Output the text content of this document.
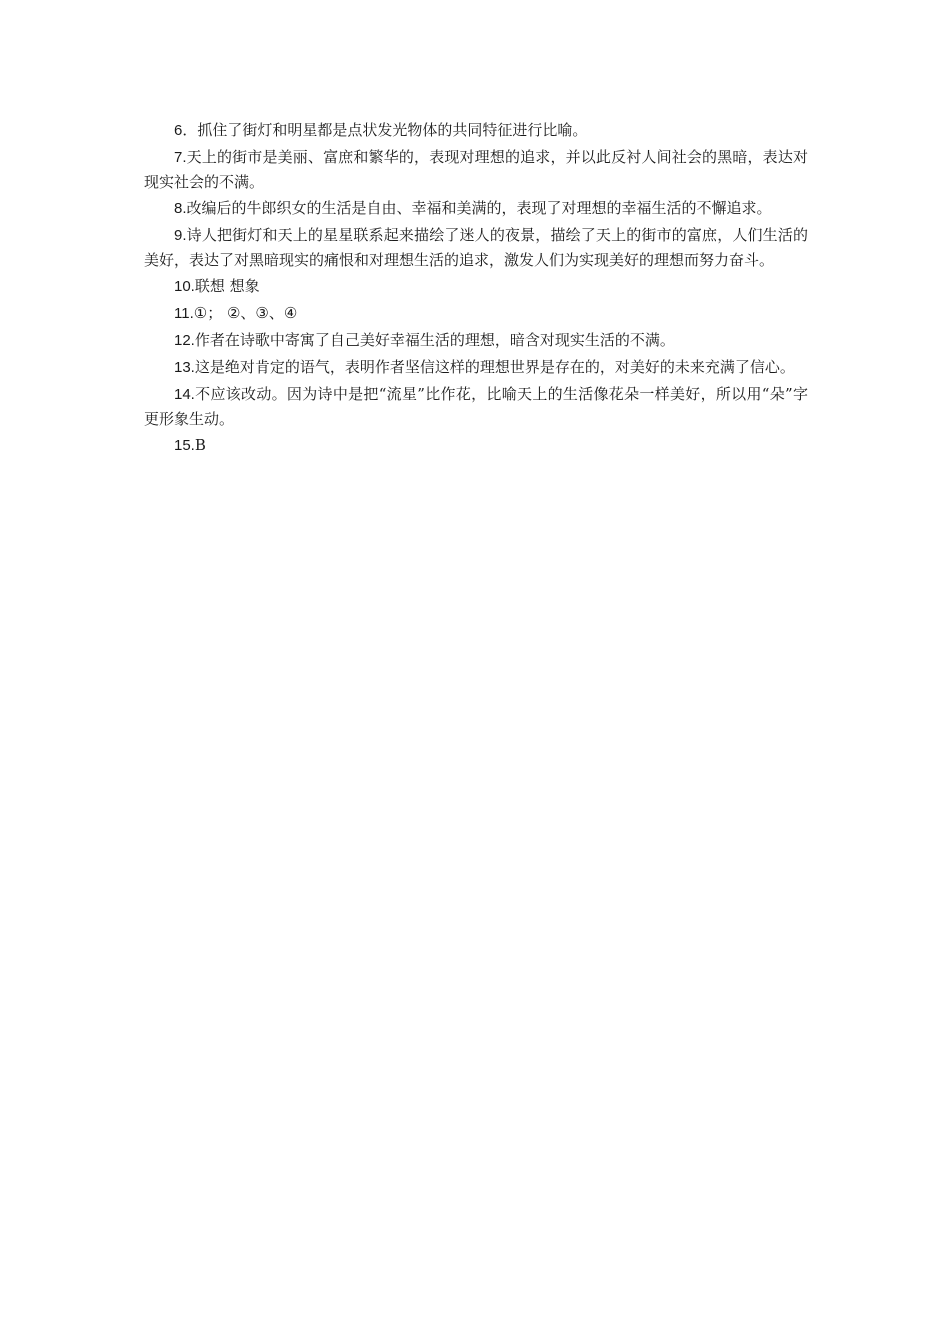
6．抓住了街灯和明星都是点状发光物体的共同特征进行比喻。

7.天上的街市是美丽、富庶和繁华的，表现对理想的追求，并以此反衬人间社会的黑暗，表达对现实社会的不满。

8.改编后的牛郎织女的生活是自由、幸福和美满的，表现了对理想的幸福生活的不懈追求。

9.诗人把街灯和天上的星星联系起来描绘了迷人的夜景，描绘了天上的街市的富庶，人们生活的美好，表达了对黑暗现实的痛恨和对理想生活的追求，激发人们为实现美好的理想而努力奋斗。

10.联想 想象

11.①； ②、③、④

12.作者在诗歌中寄寓了自己美好幸福生活的理想，暗含对现实生活的不满。

13.这是绝对肯定的语气，表明作者坚信这样的理想世界是存在的，对美好的未来充满了信心。

14.不应该改动。因为诗中是把“流星”比作花，比喻天上的生活像花朵一样美好，所以用“朵”字更形象生动。

15.B
